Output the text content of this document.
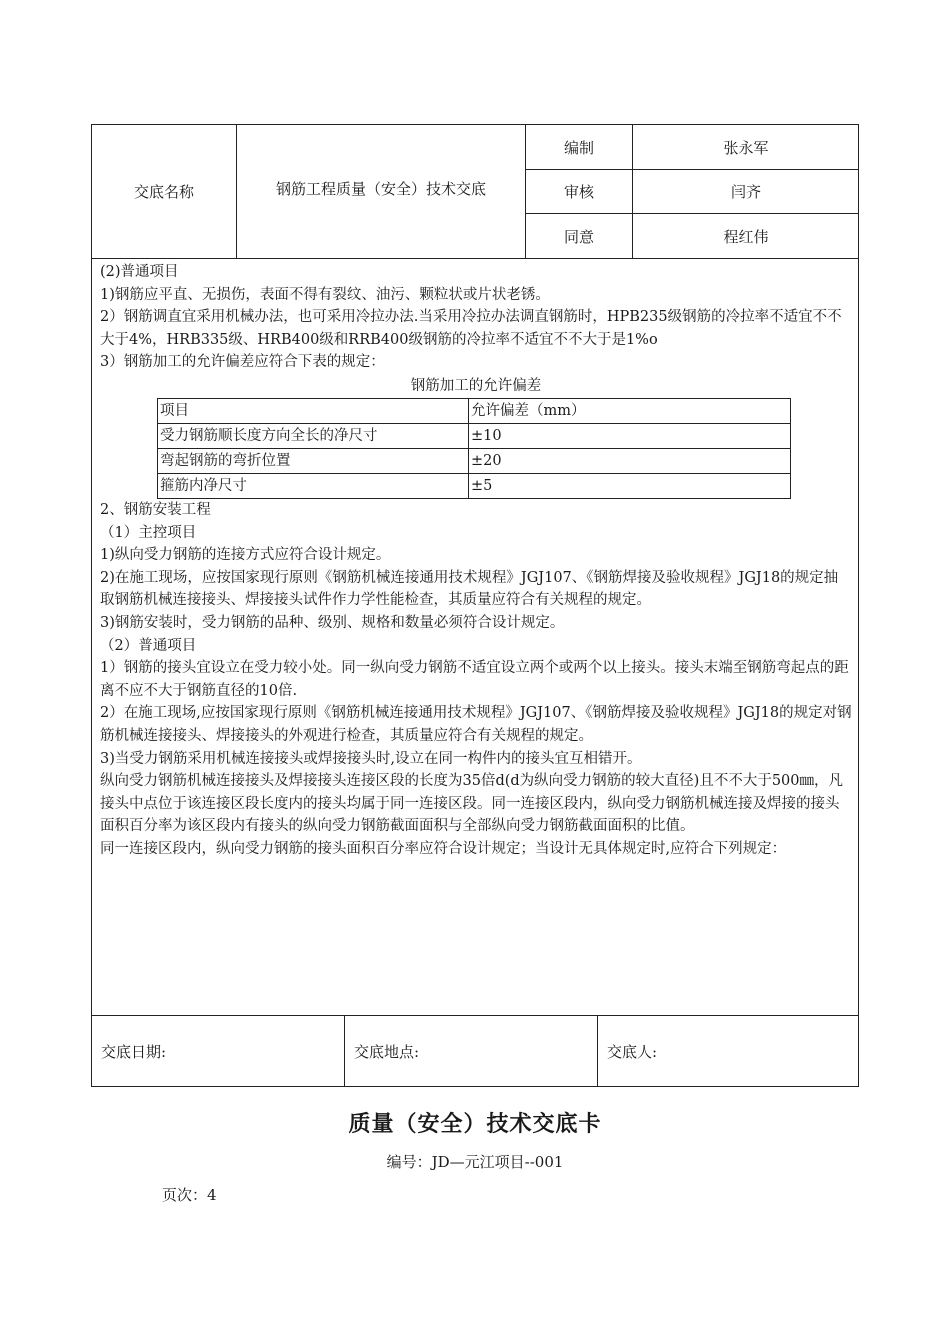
交底名称	钢筋工程质量（安全）技术交底
编制	张永军
审核	闫齐
同意	程红伟

(2)普通项目

1)钢筋应平直、无损伤，表面不得有裂纹、油污、颗粒状或片状老锈。

2）钢筋调直宜采用机械办法，也可采用冷拉办法.当采用冷拉办法调直钢筋时，HPB235级钢筋的冷拉率不适宜不不大于4%，HRB335级、HRB400级和RRB400级钢筋的冷拉率不适宜不不大于是1%o

3）钢筋加工的允许偏差应符合下表的规定：

钢筋加工的允许偏差

项目	允许偏差（mm）
受力钢筋顺长度方向全长的净尺寸	±10
弯起钢筋的弯折位置	±20
箍筋内净尺寸	±5

2、钢筋安装工程

（1）主控项目

1)纵向受力钢筋的连接方式应符合设计规定。

2)在施工现场，应按国家现行原则《钢筋机械连接通用技术规程》JGJ107、《钢筋焊接及验收规程》JGJ18的规定抽取钢筋机械连接接头、焊接接头试件作力学性能检查，其质量应符合有关规程的规定。

3)钢筋安装时，受力钢筋的品种、级别、规格和数量必须符合设计规定。

（2）普通项目

1）钢筋的接头宜设立在受力较小处。同一纵向受力钢筋不适宜设立两个或两个以上接头。接头末端至钢筋弯起点的距离不应不大于钢筋直径的10倍.

2）在施工现场,应按国家现行原则《钢筋机械连接通用技术规程》JGJ107、《钢筋焊接及验收规程》JGJ18的规定对钢筋机械连接接头、焊接接头的外观进行检查，其质量应符合有关规程的规定。

3)当受力钢筋采用机械连接接头或焊接接头时,设立在同一构件内的接头宜互相错开。

纵向受力钢筋机械连接接头及焊接接头连接区段的长度为35倍d(d为纵向受力钢筋的较大直径)且不不大于500㎜，凡接头中点位于该连接区段长度内的接头均属于同一连接区段。同一连接区段内，纵向受力钢筋机械连接及焊接的接头面积百分率为该区段内有接头的纵向受力钢筋截面面积与全部纵向受力钢筋截面面积的比值。

同一连接区段内，纵向受力钢筋的接头面积百分率应符合设计规定；当设计无具体规定时,应符合下列规定：

交底日期:	交底地点:	交底人:
质量（安全）技术交底卡
编号：JD—元江项目--001
页次：4
